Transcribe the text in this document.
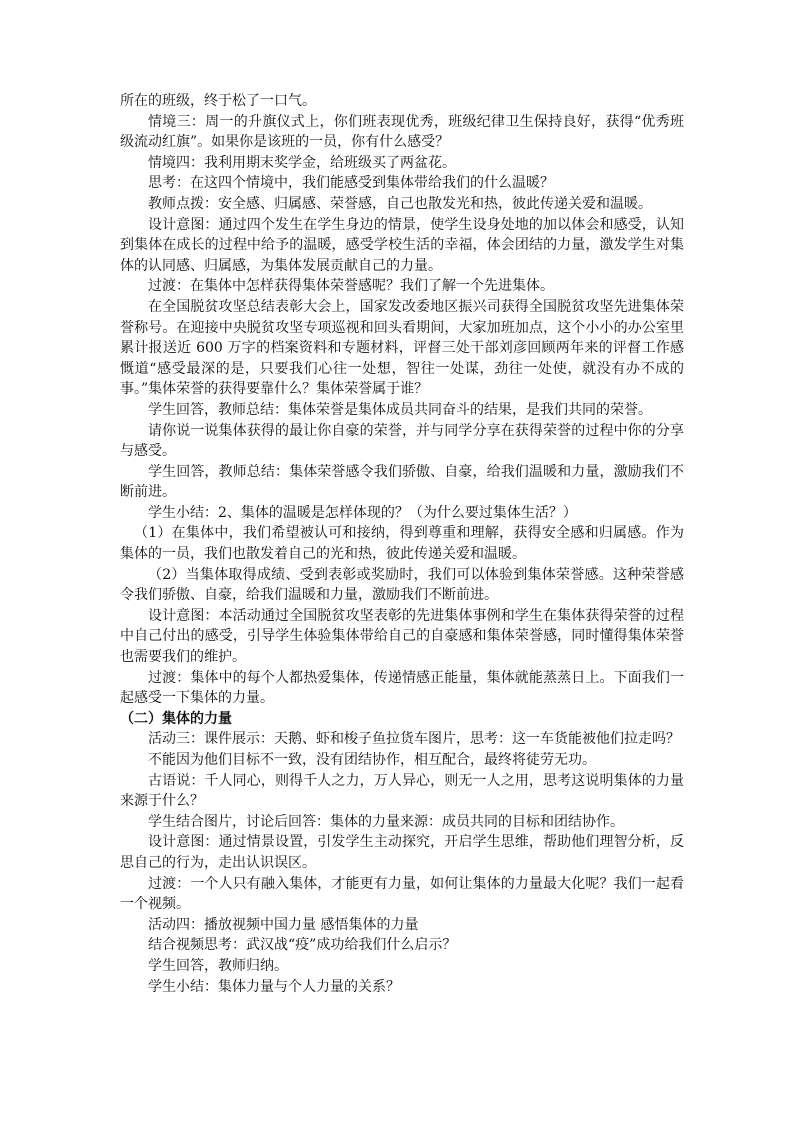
所在的班级，终于松了一口气。

情境三：周一的升旗仪式上，你们班表现优秀，班级纪律卫生保持良好，获得“优秀班级流动红旗”。如果你是该班的一员，你有什么感受？

情境四：我利用期末奖学金，给班级买了两盆花。

思考：在这四个情境中，我们能感受到集体带给我们的什么温暖？

教师点拨：安全感、归属感、荣誉感，自己也散发光和热，彼此传递关爱和温暖。

设计意图：通过四个发生在学生身边的情景，使学生设身处地的加以体会和感受，认知到集体在成长的过程中给予的温暖，感受学校生活的幸福，体会团结的力量，激发学生对集体的认同感、归属感，为集体发展贡献自己的力量。

过渡：在集体中怎样获得集体荣誉感呢？我们了解一个先进集体。

在全国脱贫攻坚总结表彰大会上，国家发改委地区振兴司获得全国脱贫攻坚先进集体荣誉称号。在迎接中央脱贫攻坚专项巡视和回头看期间，大家加班加点，这个小小的办公室里累计报送近 600 万字的档案资料和专题材料，评督三处干部刘彦回顾两年来的评督工作感慨道“感受最深的是，只要我们心往一处想，智往一处谋，劲往一处使，就没有办不成的事。”集体荣誉的获得要靠什么？集体荣誉属于谁？

学生回答，教师总结：集体荣誉是集体成员共同奋斗的结果，是我们共同的荣誉。

请你说一说集体获得的最让你自豪的荣誉，并与同学分享在获得荣誉的过程中你的分享与感受。

学生回答，教师总结：集体荣誉感令我们骄傲、自豪，给我们温暖和力量，激励我们不断前进。

学生小结：2、集体的温暖是怎样体现的？（为什么要过集体生活？）

（1）在集体中，我们希望被认可和接纳，得到尊重和理解，获得安全感和归属感。作为集体的一员，我们也散发着自己的光和热，彼此传递关爱和温暖。

（2）当集体取得成绩、受到表彰或奖励时，我们可以体验到集体荣誉感。这种荣誉感令我们骄傲、自豪，给我们温暖和力量，激励我们不断前进。

设计意图：本活动通过全国脱贫攻坚表彰的先进集体事例和学生在集体获得荣誉的过程中自己付出的感受，引导学生体验集体带给自己的自豪感和集体荣誉感，同时懂得集体荣誉也需要我们的维护。

过渡：集体中的每个人都热爱集体，传递情感正能量，集体就能蒸蒸日上。下面我们一起感受一下集体的力量。

（二）集体的力量

活动三：课件展示：天鹅、虾和梭子鱼拉货车图片，思考：这一车货能被他们拉走吗？

不能因为他们目标不一致，没有团结协作，相互配合，最终将徒劳无功。

古语说：千人同心，则得千人之力，万人异心，则无一人之用，思考这说明集体的力量来源于什么？

学生结合图片，讨论后回答：集体的力量来源：成员共同的目标和团结协作。

设计意图：通过情景设置，引发学生主动探究，开启学生思维，帮助他们理智分析，反思自己的行为，走出认识误区。

过渡：一个人只有融入集体，才能更有力量，如何让集体的力量最大化呢？我们一起看一个视频。

活动四：播放视频中国力量 感悟集体的力量

结合视频思考：武汉战“疫”成功给我们什么启示？

学生回答，教师归纳。

学生小结：集体力量与个人力量的关系？
